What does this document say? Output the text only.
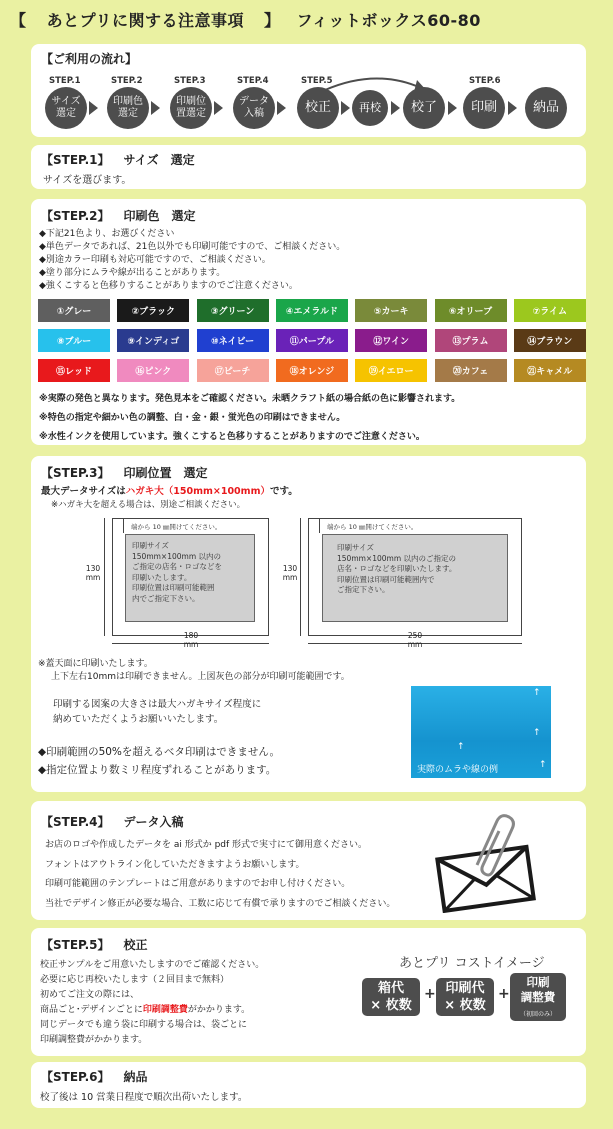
【 あとプリに関する注意事項 】 フィットボックス60-80
【ご利用の流れ】
STEP.1
サイズ
選定
STEP.2
印刷色
選定
STEP.3
印刷位
置選定
STEP.4
データ
入稿
STEP.5
校正	再校 校了
STEP.6
印刷	納品
【STEP.1】 サイズ　選定
サイズを選びます。
【STEP.2】 印刷色　選定
◆下記21色より、お選びください
◆単色データであれば、21色以外でも印刷可能ですので、ご相談ください。
◆別途カラー印刷も対応可能ですので、ご相談ください。
◆塗り部分にムラや線が出ることがあります。
◆強くこすると色移りすることがありますのでご注意ください。
①グレー	②ブラック	③グリーン	④エメラルド	⑤カーキ	⑥オリーブ	⑦ライム
⑧ブルー	⑨インディゴ	⑩ネイビー	⑪パープル	⑫ワイン	⑬プラム	⑭ブラウン
⑮レッド	⑯ピンク	⑰ピーチ	⑱オレンジ	⑲イエロー	⑳カフェ	㉑キャメル
※実際の発色と異なります。発色見本をご確認ください。未晒クラフト紙の場合紙の色に影響されます。
※特色の指定や細かい色の調整、白・金・銀・蛍光色の印刷はできません。
※水性インクを使用しています。強くこすると色移りすることがありますのでご注意ください。
【STEP.3】 印刷位置　選定
最大データサイズはハガキ大（150mm×100mm）です。
※ハガキ大を超える場合は、別途ご相談ください。
印刷サイズ
150mm×100mm 以内の
ご指定の店名・ロゴなどを
印刷いたします。
印刷位置は印刷可能範囲
内でご指定下さい。
端から 10 ㎜開けてください。
130
mm
180
mm
印刷サイズ
150mm×100mm 以内のご指定の
店名・ロゴなどを印刷いたします。
印刷位置は印刷可能範囲内で
ご指定下さい。
端から 10 ㎜開けてください。
130
mm
250
mm
※蓋天面に印刷いたします。
上下左右10mmは印刷できません。上図灰色の部分が印刷可能範囲です。
印刷する図案の大きさは最大ハガキサイズ程度に
納めていただくようお願いいたします。
◆印刷範囲の50%を超えるベタ印刷はできません。
◆指定位置より数ミリ程度ずれることがあります。
↑
↑
↑
↑
実際のムラや線の例
【STEP.4】 データ入稿
お店のロゴや作成したデータを ai 形式か pdf 形式で実寸にて御用意ください。
フォントはアウトライン化していただきますようお願いします。
印刷可能範囲のテンプレートはご用意がありますのでお申し付けください。
当社でデザイン修正が必要な場合、工数に応じて有償で承りますのでご相談ください。
【STEP.5】 校正
校正サンプルをご用意いたしますのでご確認ください。
必要に応じ再校いたします（２回目まで無料）
初めてご注文の際には、
商品ごと･デザインごとに印刷調整費がかかります。
同じデータでも違う袋に印刷する場合は、袋ごとに
印刷調整費がかかります。
あとプリ コストイメージ
箱代
× 枚数
+ 印刷代
× 枚数
+
印刷
調整費
（初回のみ）
【STEP.6】 納品
校了後は 10 営業日程度で順次出荷いたします。
